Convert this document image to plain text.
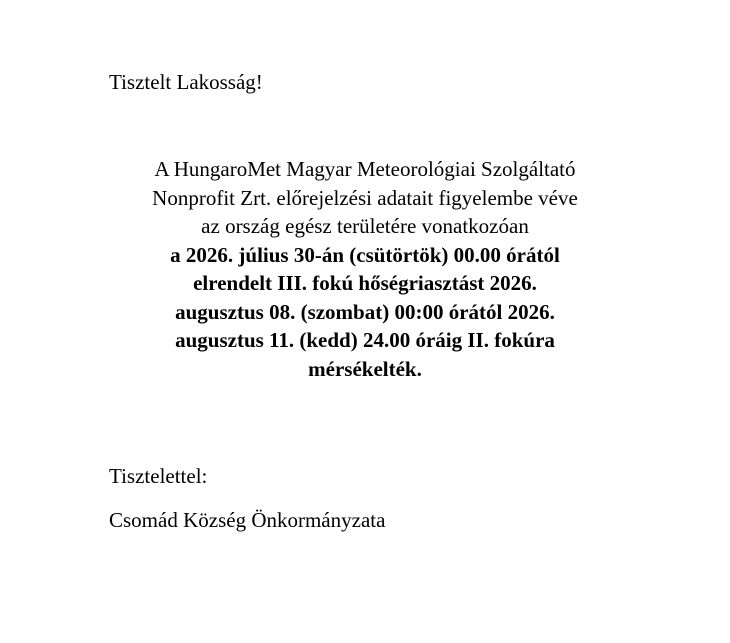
Tisztelt Lakosság!
A HungaroMet Magyar Meteorológiai Szolgáltató
Nonprofit Zrt. előrejelzési adatait figyelembe véve
az ország egész területére vonatkozóan
a 2026. július 30-án (csütörtök) 00.00 órától
elrendelt III. fokú hőségriasztást 2026.
augusztus 08. (szombat) 00:00 órától 2026.
augusztus 11. (kedd) 24.00 óráig II. fokúra
mérsékelték.
Tisztelettel:
Csomád Község Önkormányzata
